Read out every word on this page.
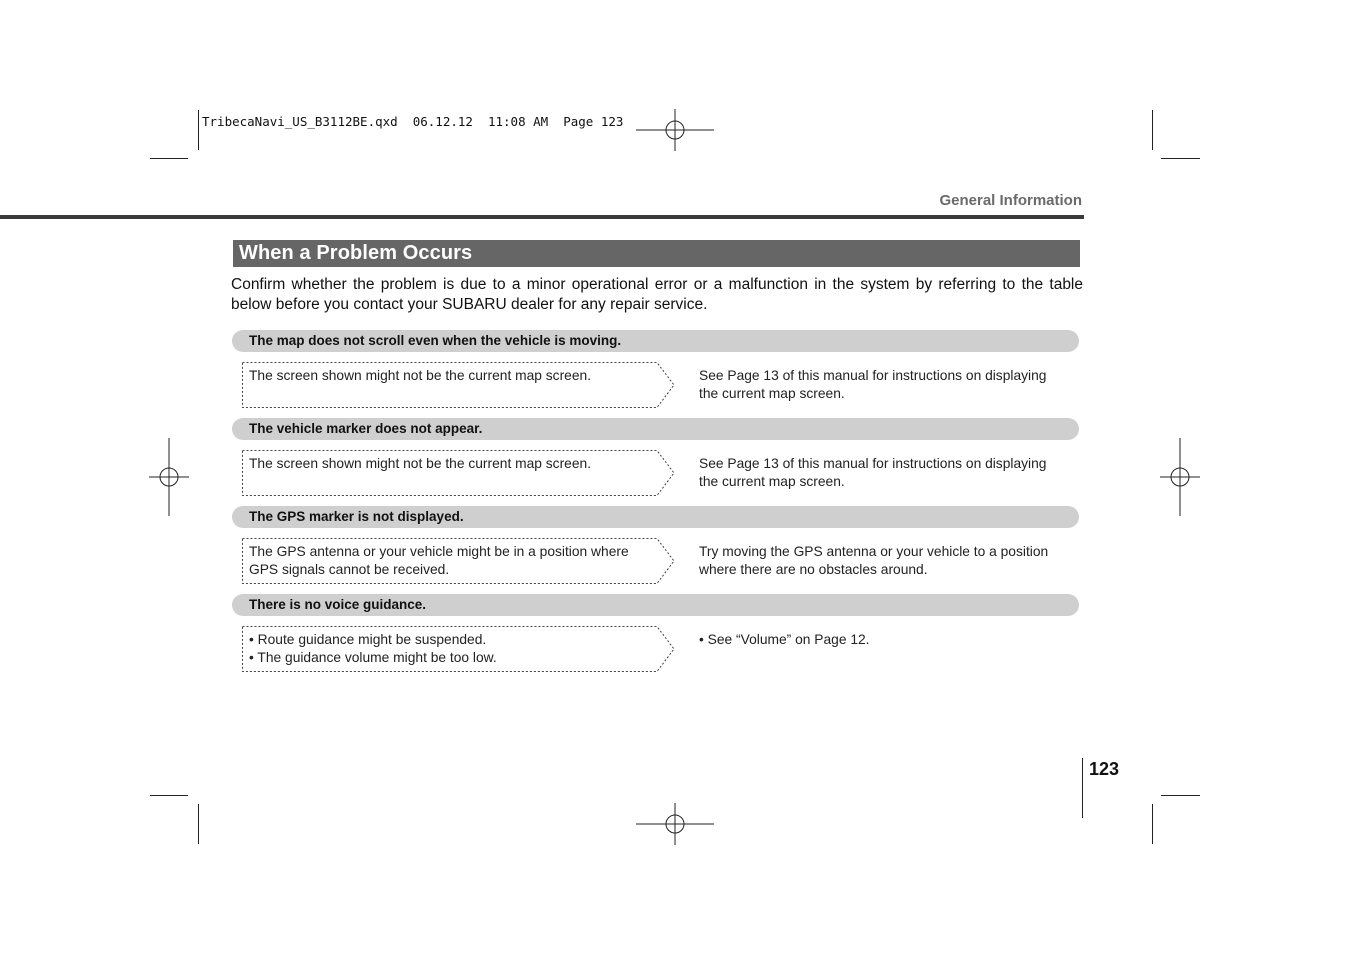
TribecaNavi_US_B3112BE.qxd  06.12.12  11:08 AM  Page 123
General Information
When a Problem Occurs
Confirm whether the problem is due to a minor operational error or a malfunction in the system by referring to the table below before you contact your SUBARU dealer for any repair service.
The map does not scroll even when the vehicle is moving.
The screen shown might not be the current map screen.	See Page 13 of this manual for instructions on displaying
the current map screen.
The vehicle marker does not appear.
The screen shown might not be the current map screen.	See Page 13 of this manual for instructions on displaying
the current map screen.
The GPS marker is not displayed.
The GPS antenna or your vehicle might be in a position where
GPS signals cannot be received.
Try moving the GPS antenna or your vehicle to a position
where there are no obstacles around.
There is no voice guidance.
• Route guidance might be suspended.
• The guidance volume might be too low.
• See “Volume” on Page 12.
123
